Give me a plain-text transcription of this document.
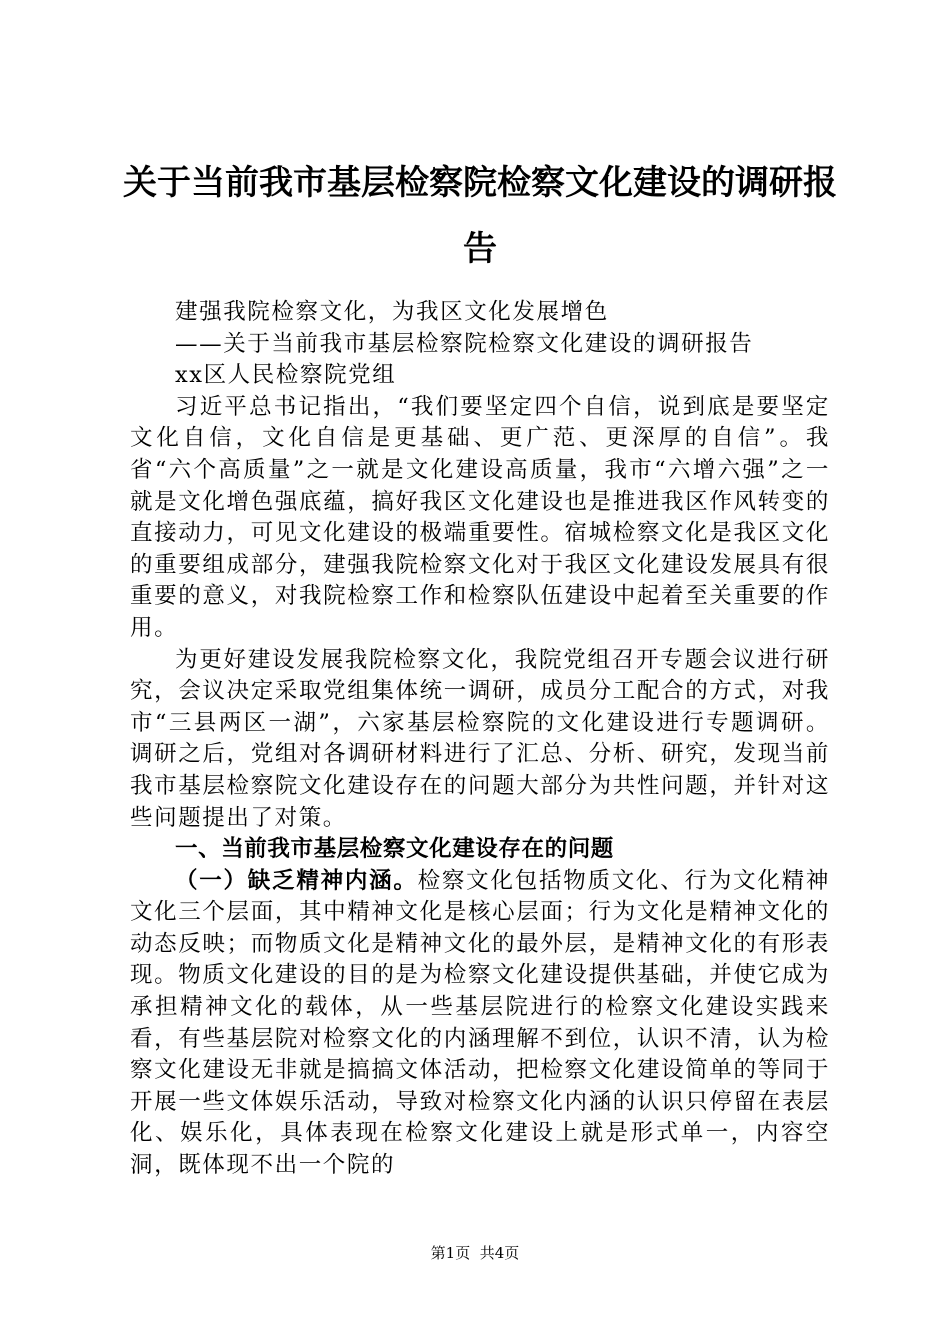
关于当前我市基层检察院检察文化建设的调研报告

建强我院检察文化，为我区文化发展增色

——关于当前我市基层检察院检察文化建设的调研报告

xx区人民检察院党组

习近平总书记指出，“我们要坚定四个自信，说到底是要坚定文化自信，文化自信是更基础、更广范、更深厚的自信”。我省“六个高质量”之一就是文化建设高质量，我市“六增六强”之一就是文化增色强底蕴，搞好我区文化建设也是推进我区作风转变的直接动力，可见文化建设的极端重要性。宿城检察文化是我区文化的重要组成部分，建强我院检察文化对于我区文化建设发展具有很重要的意义，对我院检察工作和检察队伍建设中起着至关重要的作用。

为更好建设发展我院检察文化，我院党组召开专题会议进行研究，会议决定采取党组集体统一调研，成员分工配合的方式，对我市“三县两区一湖”，六家基层检察院的文化建设进行专题调研。调研之后，党组对各调研材料进行了汇总、分析、研究，发现当前我市基层检察院文化建设存在的问题大部分为共性问题，并针对这些问题提出了对策。

一、当前我市基层检察文化建设存在的问题

（一）缺乏精神内涵。检察文化包括物质文化、行为文化精神文化三个层面，其中精神文化是核心层面；行为文化是精神文化的动态反映；而物质文化是精神文化的最外层，是精神文化的有形表现。物质文化建设的目的是为检察文化建设提供基础，并使它成为承担精神文化的载体，从一些基层院进行的检察文化建设实践来看，有些基层院对检察文化的内涵理解不到位，认识不清，认为检察文化建设无非就是搞搞文体活动，把检察文化建设简单的等同于开展一些文体娱乐活动，导致对检察文化内涵的认识只停留在表层化、娱乐化，具体表现在检察文化建设上就是形式单一，内容空洞，既体现不出一个院的

第1页 共4页
